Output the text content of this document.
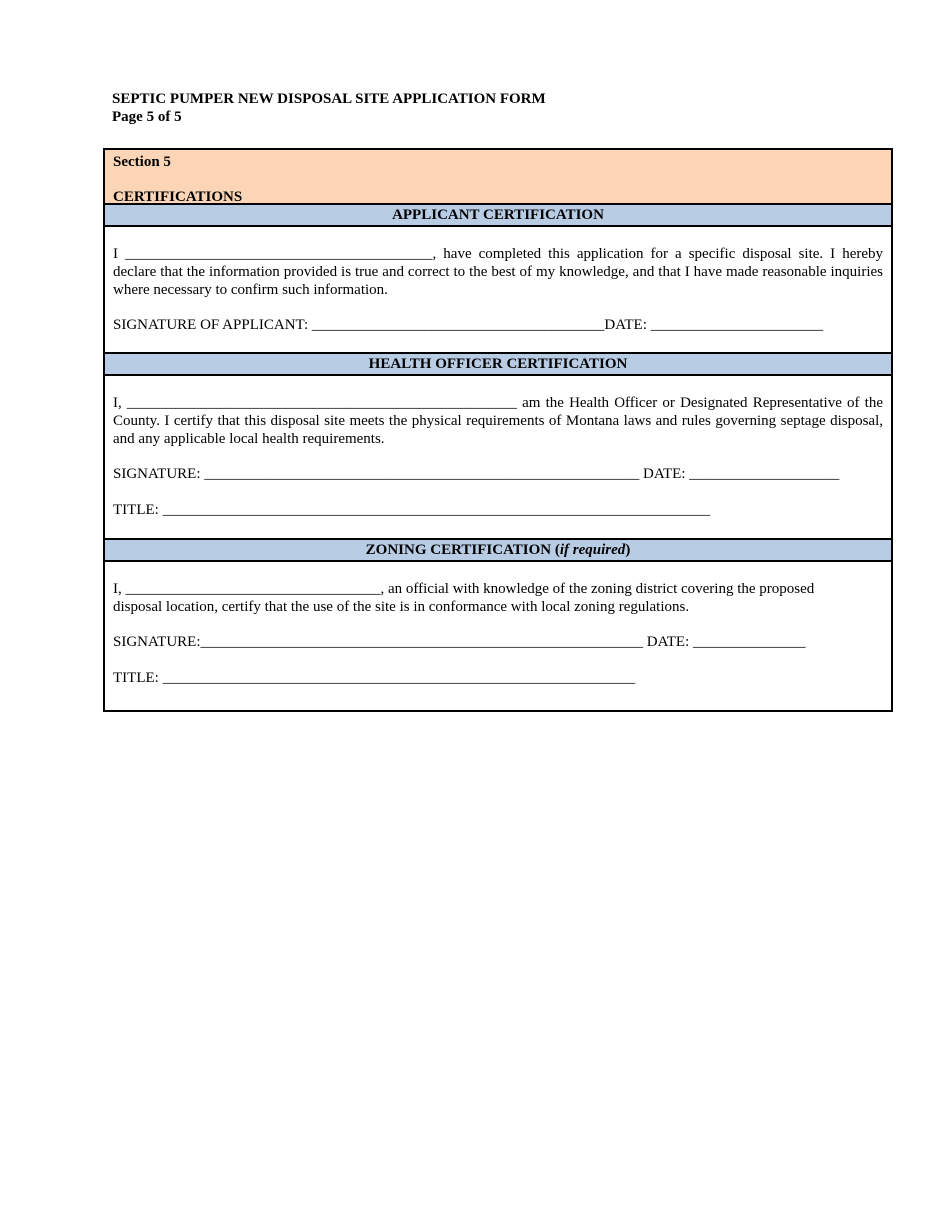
SEPTIC PUMPER NEW DISPOSAL SITE APPLICATION FORM
Page 5 of 5
Section 5
CERTIFICATIONS
APPLICANT CERTIFICATION
I _________________________________________, have completed this application for a specific disposal site. I hereby declare that the information provided is true and correct to the best of my knowledge, and that I have made reasonable inquiries where necessary to confirm such information.
SIGNATURE OF APPLICANT: _______________________________________DATE: _______________________
HEALTH OFFICER CERTIFICATION
I, ____________________________________________________ am the Health Officer or Designated Representative of the County. I certify that this disposal site meets the physical requirements of Montana laws and rules governing septage disposal, and any applicable local health requirements.
SIGNATURE: __________________________________________________________ DATE: ____________________
TITLE: _________________________________________________________________________
ZONING CERTIFICATION (if required)
I, __________________________________, an official with knowledge of the zoning district covering the proposed
disposal location, certify that the use of the site is in conformance with local zoning regulations.
SIGNATURE:___________________________________________________________ DATE: _______________
TITLE: _______________________________________________________________
